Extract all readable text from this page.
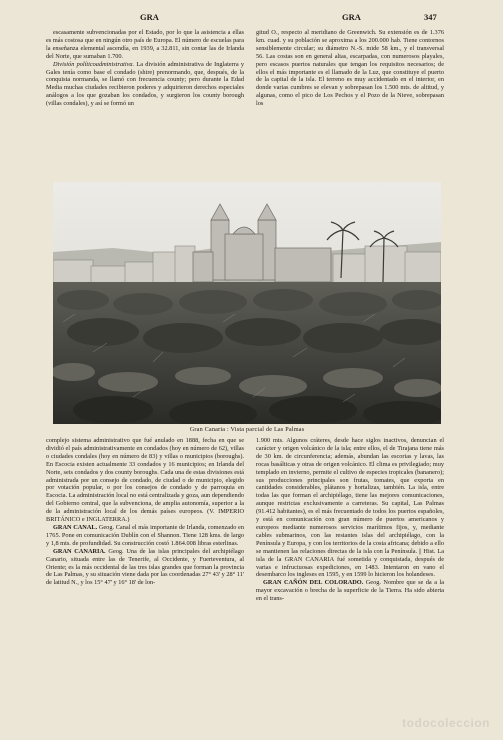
GRA	GRA	347

escasamente subvencionadas por el Estado, por lo que la asistencia a ellas es más costosa que en ningún otro país de Europa. El número de escuelas para la enseñanza elemental ascendía, en 1939, a 32.811, sin contar las de Irlanda del Norte, que sumaban 1.700.

División políticoadministrativa. La división administrativa de Inglaterra y Gales tenía como base el condado (shire) prenormando, que, después, de la conquista normanda, se llamó con frecuencia county; pero durante la Edad Media muchas ciudades recibieron poderes y adquirieron derechos especiales análogos a los que gozaban los condados, y surgieron los county borough (villas condales), y así se formó un

gitud O., respecto al meridiano de Greenwich. Su extensión es de 1.376 km. cuad. y su población se aproxima a los 200.000 hab. Tiene contornos sensiblemente circular; su diámetro N.-S. mide 58 km., y el transversal 56. Las costas son en general altas, escarpadas, con numerosos playales, pero escasos puertos naturales que tengan los requisitos necesarios; de ellos el más importante es el llamado de la Luz, que constituye el puerto de la capital de la isla. El terreno es muy accidentado en el interior, en donde varias cumbres se elevan y sobrepasan los 1.500 mts. de altitud, y algunas, como el pico de Los Pechos y el Pozo de la Nieve, sobrepasan los

Gran Canaria : Vista parcial de Las Palmas

complejo sistema administrativo que fué anulado en 1888, fecha en que se dividió el país administrativamente en condados (hoy en número de 62), villas o ciudades condales (hoy en número de 83) y villas o municipios (boroughs). En Escocia existen actualmente 33 condados y 16 municipios; en Irlanda del Norte, seis condados y dos county boroughs. Cada una de estas divisiones está administrada por un consejo de condado, de ciudad o de municipio, elegido por votación popular, o por los consejos de condado y de parroquia en Escocia. La administración local no está centralizada y goza, aun dependiendo del Gobierno central, que la subvenciona, de amplia autonomía, superior a la de la administración local de los demás países europeos. (V. IMPERIO BRITÁNICO e INGLATERRA.)

GRAN CANAL. Geog. Canal el más importante de Irlanda, comenzado en 1765. Pone en comunicación Dublín con el Shannon. Tiene 128 kms. de largo y 1,8 mts. de profundidad. Su construcción costó 1.864.008 libras esterlinas.

GRAN CANARIA. Geog. Una de las islas principales del archipiélago Canario, situada entre las de Tenerife, al Occidente, y Fuerteventura, al Oriente; es la más occidental de las tres islas grandes que forman la provincia de Las Palmas, y su situación viene dada por las coordenadas 27° 43' y 28° 11' de latitud N., y los 15° 47' y 16° 18' de lon-

1.900 mts. Algunos cráteres, desde hace siglos inactivos, denuncian el carácter y origen volcánico de la isla; entre ellos, el de Tirajana tiene más de 30 km. de circunferencia; además, abundan las escorias y lavas, las rocas basálticas y otras de origen volcánico. El clima es privilegiado; muy templado en invierno, permite el cultivo de especies tropicales (bananero); sus producciones principales son frutas, tomates, que exporta en cantidades considerables, plátanos y hortalizas, también. La isla, entre todas las que forman el archipiélago, tiene las mejores comunicaciones, aunque restrictas exclusivamente a carreteras. Su capital, Las Palmas (91.412 habitantes), es el más frecuentado de todos los puertos españoles, y está en comunicación con gran número de puertos americanos y europeos mediante numerosos servicios marítimos fijos, y, mediante cables submarinos, con las restantes islas del archipiélago, con la Península y Europa, y con los territorios de la costa africana; debido a ello se mantienen las relaciones directas de la isla con la Península. || Hist. La isla de la GRAN CANARIA fué sometida y conquistada, después de varias e infructuosas expediciones, en 1483. Intentaron en vano el desembarco los ingleses en 1595, y en 1599 lo hicieron los holandeses.

GRAN CAÑÓN DEL COLORADO. Geog. Nombre que se da a la mayor excavación o brecha de la superficie de la Tierra. Ha sido abierta en el trans-

todocoleccion
